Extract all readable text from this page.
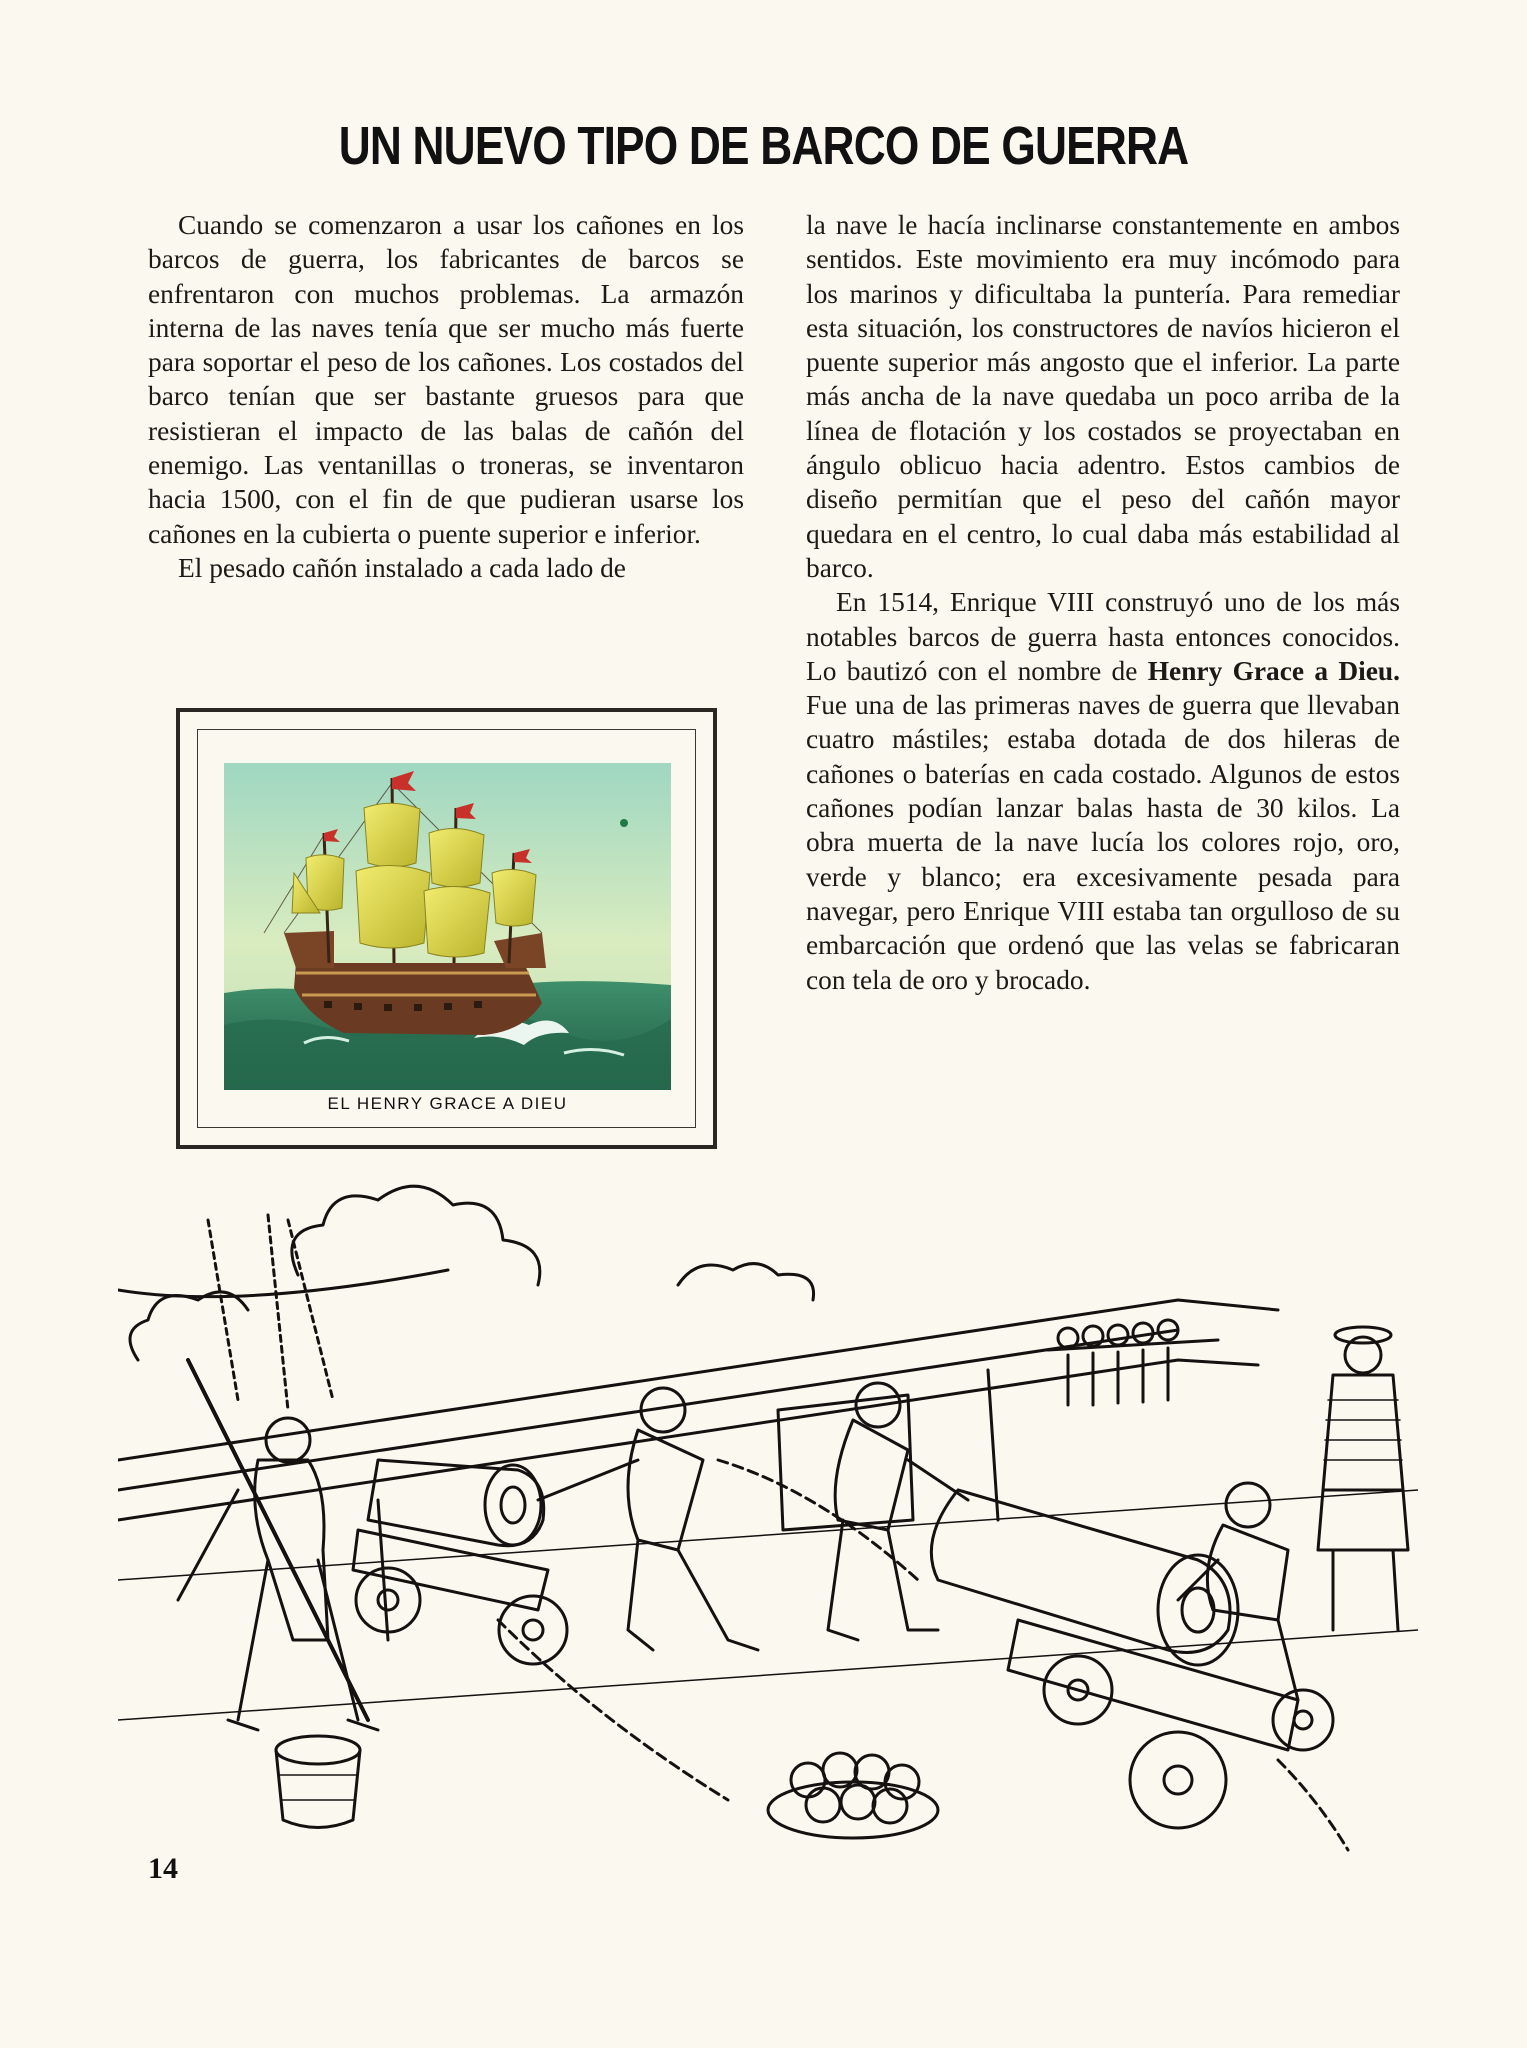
UN NUEVO TIPO DE BARCO DE GUERRA

Cuando se comenzaron a usar los cañones en los barcos de guerra, los fabricantes de barcos se enfrentaron con muchos problemas. La armazón interna de las naves tenía que ser mucho más fuerte para soportar el peso de los cañones. Los costados del barco tenían que ser bastante gruesos para que resistieran el impacto de las balas de cañón del enemigo. Las ventanillas o troneras, se inventaron hacia 1500, con el fin de que pudieran usarse los cañones en la cubierta o puente superior e inferior.

El pesado cañón instalado a cada lado de

la nave le hacía inclinarse constantemente en ambos sentidos. Este movimiento era muy incómodo para los marinos y dificultaba la puntería. Para remediar esta situación, los constructores de navíos hicieron el puente superior más angosto que el inferior. La parte más ancha de la nave quedaba un poco arriba de la línea de flotación y los costados se proyectaban en ángulo oblicuo hacia adentro. Estos cambios de diseño permitían que el peso del cañón mayor quedara en el centro, lo cual daba más estabilidad al barco.

En 1514, Enrique VIII construyó uno de los más notables barcos de guerra hasta entonces conocidos. Lo bautizó con el nombre de Henry Grace a Dieu. Fue una de las primeras naves de guerra que llevaban cuatro mástiles; estaba dotada de dos hileras de cañones o baterías en cada costado. Algunos de estos cañones podían lanzar balas hasta de 30 kilos. La obra muerta de la nave lucía los colores rojo, oro, verde y blanco; era excesivamente pesada para navegar, pero Enrique VIII estaba tan orgulloso de su embarcación que ordenó que las velas se fabricaran con tela de oro y brocado.

EL HENRY GRACE A DIEU
14
